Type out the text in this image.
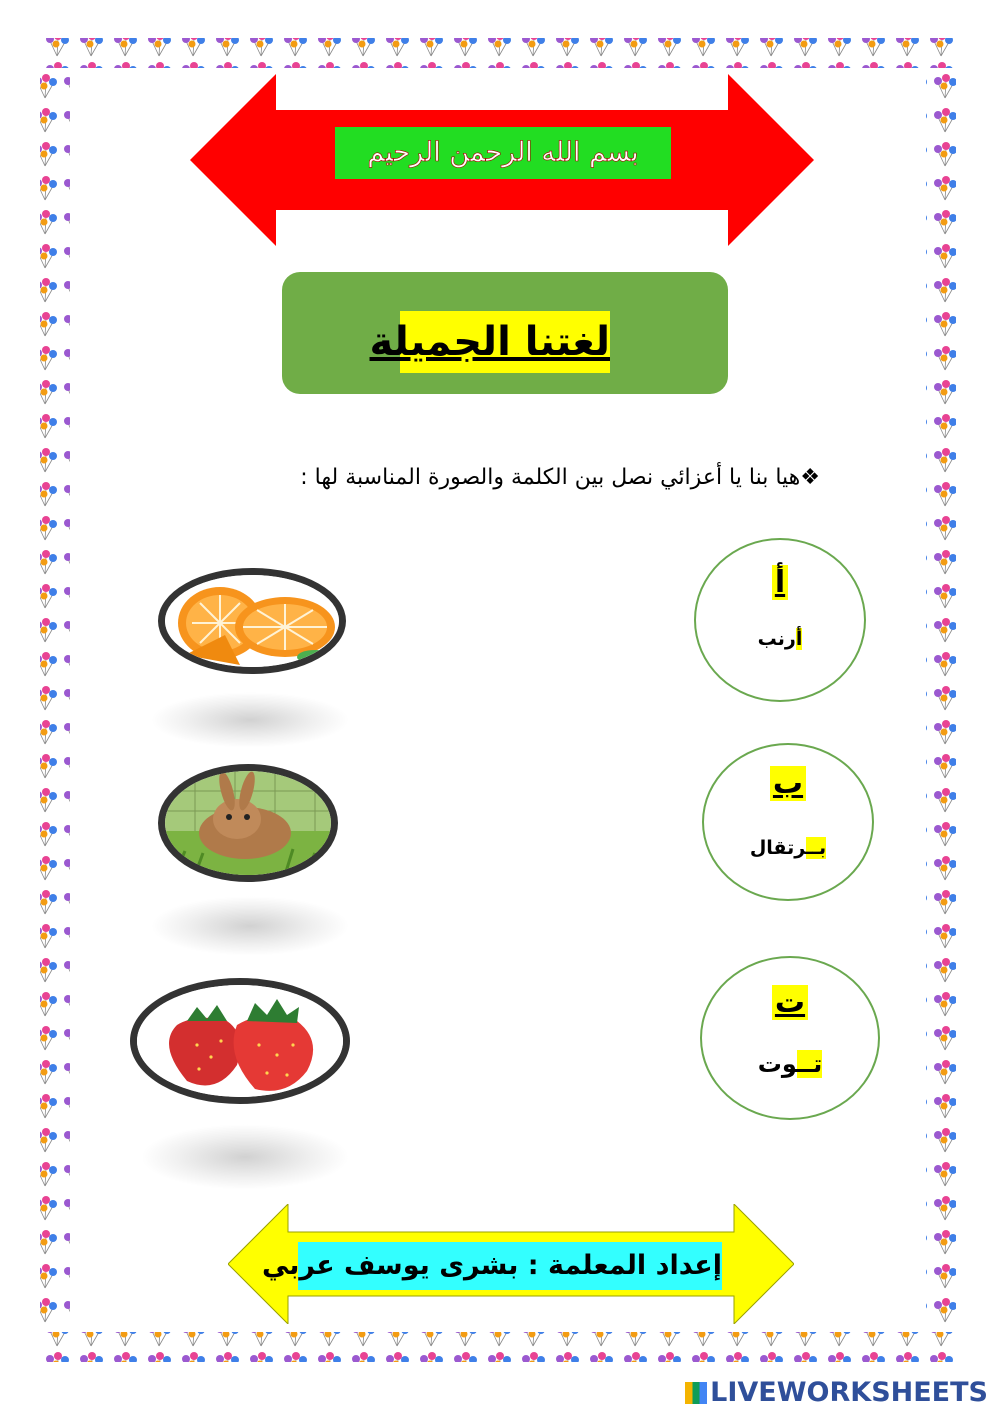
بسم الله الرحمن الرحيم
لغتنا الجميلة
❖هيا بنا يا أعزائي نصل بين الكلمة والصورة المناسبة لها :
أ
أرنب
ب
بــرتقال
ت
تــوت
إعداد المعلمة : بشرى يوسف عربي
LIVEWORKSHEETS
